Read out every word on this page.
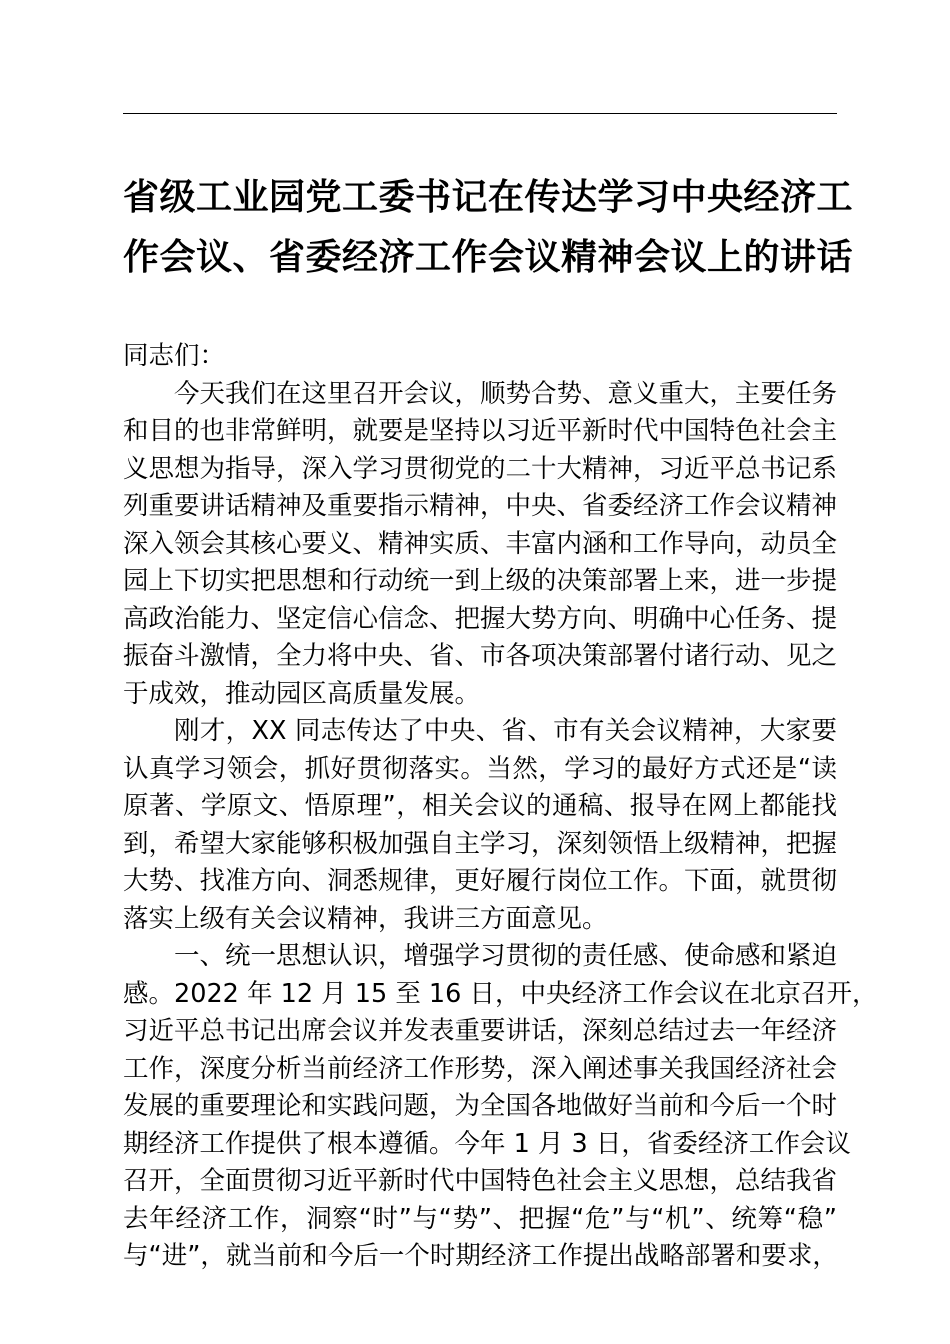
省级工业园党工委书记在传达学习中央经济工
作会议、省委经济工作会议精神会议上的讲话
同志们：
今天我们在这里召开会议，顺势合势、意义重大，主要任务
和目的也非常鲜明，就要是坚持以习近平新时代中国特色社会主
义思想为指导，深入学习贯彻党的二十大精神，习近平总书记系
列重要讲话精神及重要指示精神，中央、省委经济工作会议精神
深入领会其核心要义、精神实质、丰富内涵和工作导向，动员全
园上下切实把思想和行动统一到上级的决策部署上来，进一步提
高政治能力、坚定信心信念、把握大势方向、明确中心任务、提
振奋斗激情，全力将中央、省、市各项决策部署付诸行动、见之
于成效，推动园区高质量发展。
刚才，XX 同志传达了中央、省、市有关会议精神，大家要
认真学习领会，抓好贯彻落实。当然，学习的最好方式还是“读
原著、学原文、悟原理”，相关会议的通稿、报导在网上都能找
到，希望大家能够积极加强自主学习，深刻领悟上级精神，把握
大势、找准方向、洞悉规律，更好履行岗位工作。下面，就贯彻
落实上级有关会议精神，我讲三方面意见。
一、统一思想认识，增强学习贯彻的责任感、使命感和紧迫
感。2022 年 12 月 15 至 16 日，中央经济工作会议在北京召开，
习近平总书记出席会议并发表重要讲话，深刻总结过去一年经济
工作，深度分析当前经济工作形势，深入阐述事关我国经济社会
发展的重要理论和实践问题，为全国各地做好当前和今后一个时
期经济工作提供了根本遵循。今年 1 月 3 日，省委经济工作会议
召开，全面贯彻习近平新时代中国特色社会主义思想，总结我省
去年经济工作，洞察“时”与“势”、把握“危”与“机”、统筹“稳”
与“进”，就当前和今后一个时期经济工作提出战略部署和要求，
